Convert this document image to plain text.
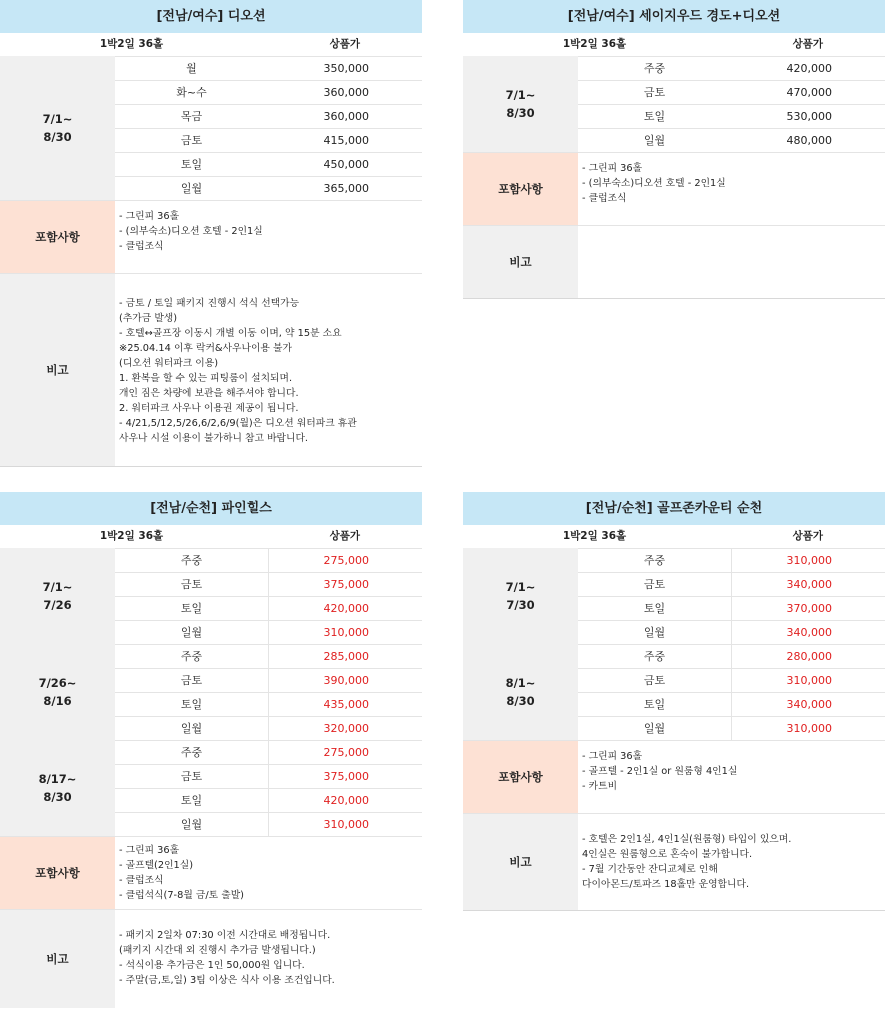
[전남/여수] 디오션
1박2일 36홀	상품가
7/1~
8/30
월	350,000
화~수	360,000
목금	360,000
금토	415,000
토일	450,000
일월	365,000
포함사항
- 그린피 36홀
- (의부숙소)디오션 호텔 - 2인1실
- 클럽조식
비고
- 금토 / 토일 패키지 진행시 석식 선택가능
(추가금 발생)
- 호텔↔골프장 이동시 개별 이동 이며, 약 15분 소요
※25.04.14 이후 락커&사우나이용 불가
(디오션 워터파크 이용)
1. 환복을 할 수 있는 피팅룸이 설치되며.
개인 짐은 차량에 보관을 해주셔야 합니다.
2. 워터파크 사우나 이용권 제공이 됩니다.
- 4/21,5/12,5/26,6/2,6/9(월)은 디오션 워터파크 휴관
사우나 시설 이용이 불가하니 참고 바랍니다.
[전남/여수] 세이지우드 경도+디오션
1박2일 36홀	상품가
7/1~
8/30
주중	420,000
금토	470,000
토일	530,000
일월	480,000
포함사항
- 그린피 36홀
- (의부숙소)디오션 호텔 - 2인1실
- 클럽조식
비고
[전남/순천] 파인힐스
1박2일 36홀	상품가
7/1~
7/26
주중	275,000
금토	375,000
토일	420,000
일월	310,000
7/26~
8/16
주중	285,000
금토	390,000
토일	435,000
일월	320,000
8/17~
8/30
주중	275,000
금토	375,000
토일	420,000
일월	310,000
포함사항
- 그린피 36홀
- 골프텔(2인1실)
- 클럽조식
- 클럽석식(7-8월 금/토 출발)
비고
- 패키지 2일차 07:30 이전 시간대로 배정됩니다.
(패키지 시간대 외 진행시 추가금 발생됩니다.)
- 석식이용 추가금은 1인 50,000원 입니다.
- 주말(금,토,일) 3팀 이상은 식사 이용 조건입니다.
[전남/순천] 골프존카운티 순천
1박2일 36홀	상품가
7/1~
7/30
주중	310,000
금토	340,000
토일	370,000
일월	340,000
8/1~
8/30
주중	280,000
금토	310,000
토일	340,000
일월	310,000
포함사항
- 그린피 36홀
- 골프텔 - 2인1실 or 원룸형 4인1실
- 카트비
비고
- 호텔은 2인1실, 4인1실(원룸형) 타입이 있으며.
4인실은 원룸형으로 혼숙이 불가합니다.
- 7월 기간동안 잔디교체로 인해
다이아몬드/토파즈 18홀만 운영합니다.
